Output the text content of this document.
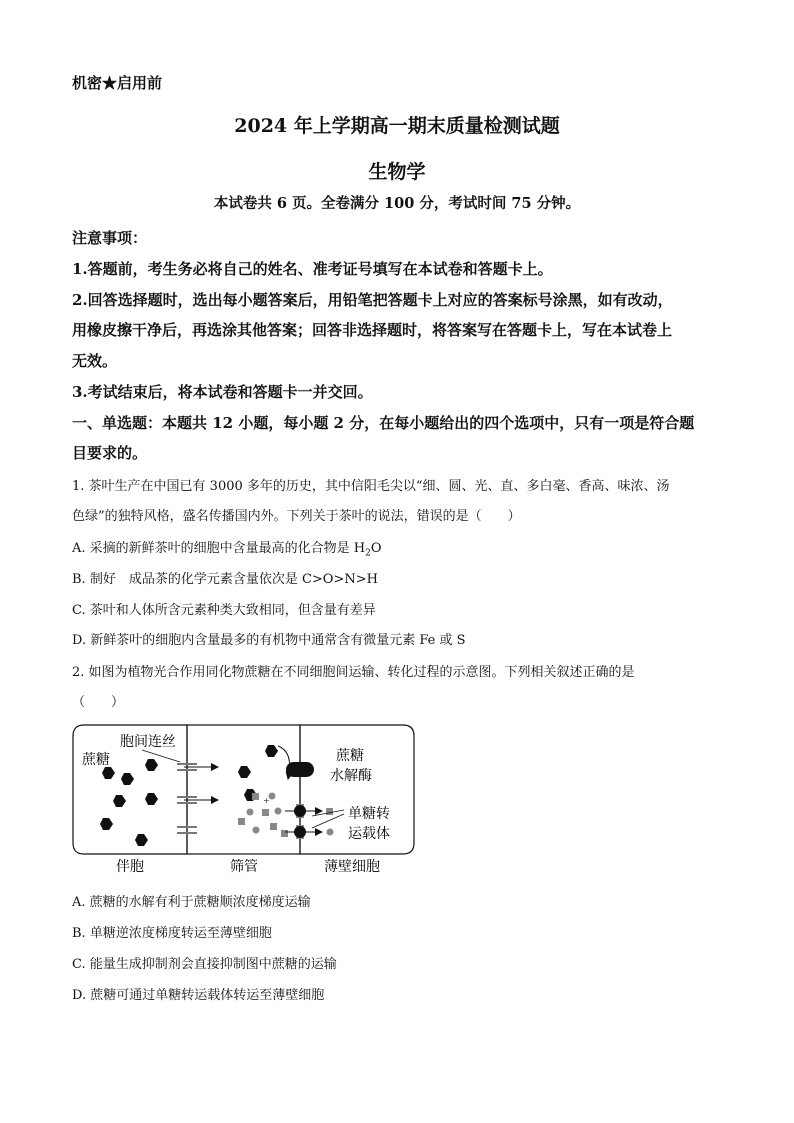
机密★启用前
2024 年上学期高一期末质量检测试题
生物学
本试卷共 6 页。全卷满分 100 分，考试时间 75 分钟。
注意事项：
1.答题前，考生务必将自己的姓名、准考证号填写在本试卷和答题卡上。
2.回答选择题时，选出每小题答案后，用铅笔把答题卡上对应的答案标号涂黑，如有改动，
用橡皮擦干净后，再选涂其他答案；回答非选择题时，将答案写在答题卡上，写在本试卷上
无效。
3.考试结束后，将本试卷和答题卡一并交回。
一、单选题：本题共 12 小题，每小题 2 分，在每小题给出的四个选项中，只有一项是符合题
目要求的。
1. 茶叶生产在中国已有 3000 多年的历史，其中信阳毛尖以“细、圆、光、直、多白毫、香高、味浓、汤
色绿”的独特风格，盛名传播国内外。下列关于茶叶的说法，错误的是（　　）
A. 采摘的新鲜茶叶的细胞中含量最高的化合物是 $H_2O$
B. 制好　成品茶的化学元素含量依次是 C>O>N>H
C. 茶叶和人体所含元素种类大致相同，但含量有差异
D. 新鲜茶叶的细胞内含量最多的有机物中通常含有微量元素 Fe 或 S
2. 如图为植物光合作用同化物蔗糖在不同细胞间运输、转化过程的示意图。下列相关叙述正确的是
（　　）
+
蔗糖
胞间连丝
蔗糖
水解酶
单糖转
运载体
伴胞	筛管	薄壁细胞
A. 蔗糖的水解有利于蔗糖顺浓度梯度运输
B. 单糖逆浓度梯度转运至薄壁细胞
C. 能量生成抑制剂会直接抑制图中蔗糖的运输
D. 蔗糖可通过单糖转运载体转运至薄壁细胞
